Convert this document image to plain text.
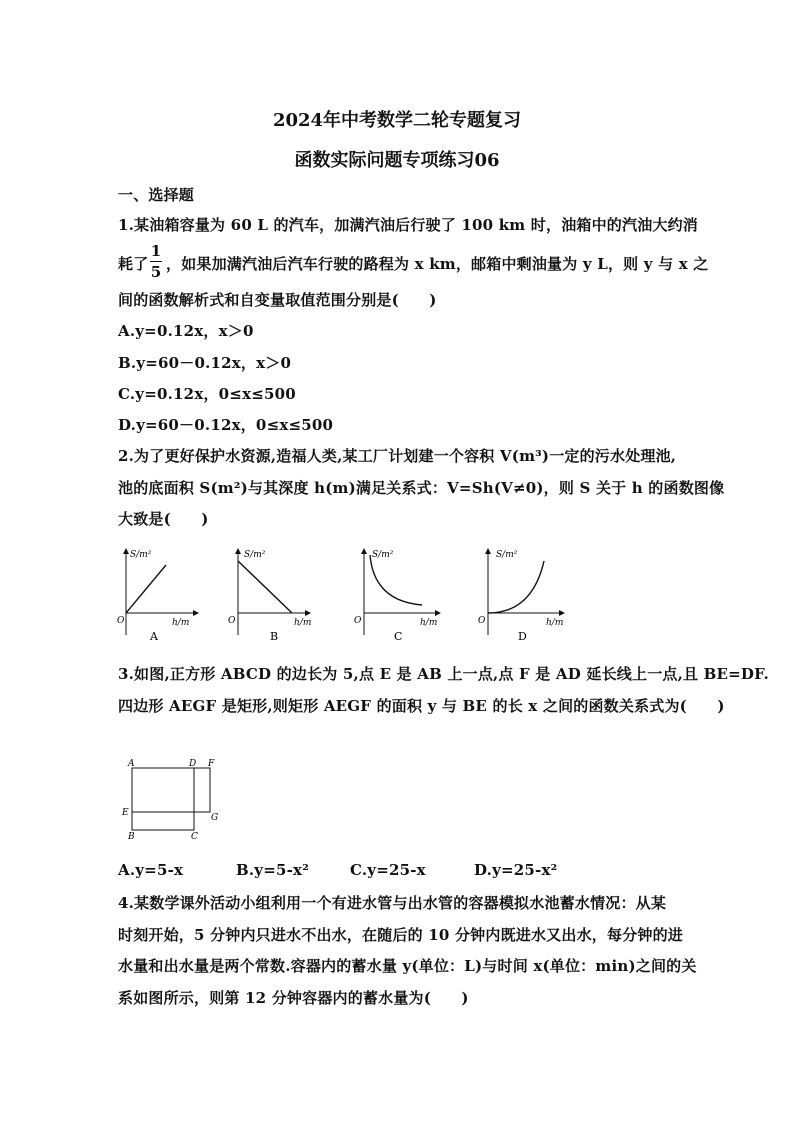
2024年中考数学二轮专题复习
函数实际问题专项练习06
一、选择题
1.某油箱容量为 60 L 的汽车，加满汽油后行驶了 100 km 时，油箱中的汽油大约消
耗了
1
5 ，如果加满汽油后汽车行驶的路程为 x km，邮箱中剩油量为 y L，则 y 与 x 之
间的函数解析式和自变量取值范围分别是(　　)
A.y=0.12x，x＞0
B.y=60－0.12x，x＞0
C.y=0.12x，0≤x≤500
D.y=60－0.12x，0≤x≤500
2.为了更好保护水资源,造福人类,某工厂计划建一个容积 V(m³)一定的污水处理池,
池的底面积 S(m²)与其深度 h(m)满足关系式：V=Sh(V≠0)，则 S 关于 h 的函数图像
大致是(　　)
S/m²
h/m
O
A
S/m²
h/m
O
B
S/m²
h/m
O
C
S/m²
h/m
O
D
3.如图,正方形 ABCD 的边长为 5,点 E 是 AB 上一点,点 F 是 AD 延长线上一点,且 BE=DF.
四边形 AEGF 是矩形,则矩形 AEGF 的面积 y 与 BE 的长 x 之间的函数关系式为(　　)
A	D F
E	G
B	C
A.y=5-x	B.y=5-x²	C.y=25-x	D.y=25-x²
4.某数学课外活动小组利用一个有进水管与出水管的容器模拟水池蓄水情况：从某
时刻开始，5 分钟内只进水不出水，在随后的 10 分钟内既进水又出水，每分钟的进
水量和出水量是两个常数.容器内的蓄水量 y(单位：L)与时间 x(单位：min)之间的关
系如图所示，则第 12 分钟容器内的蓄水量为(　　)
